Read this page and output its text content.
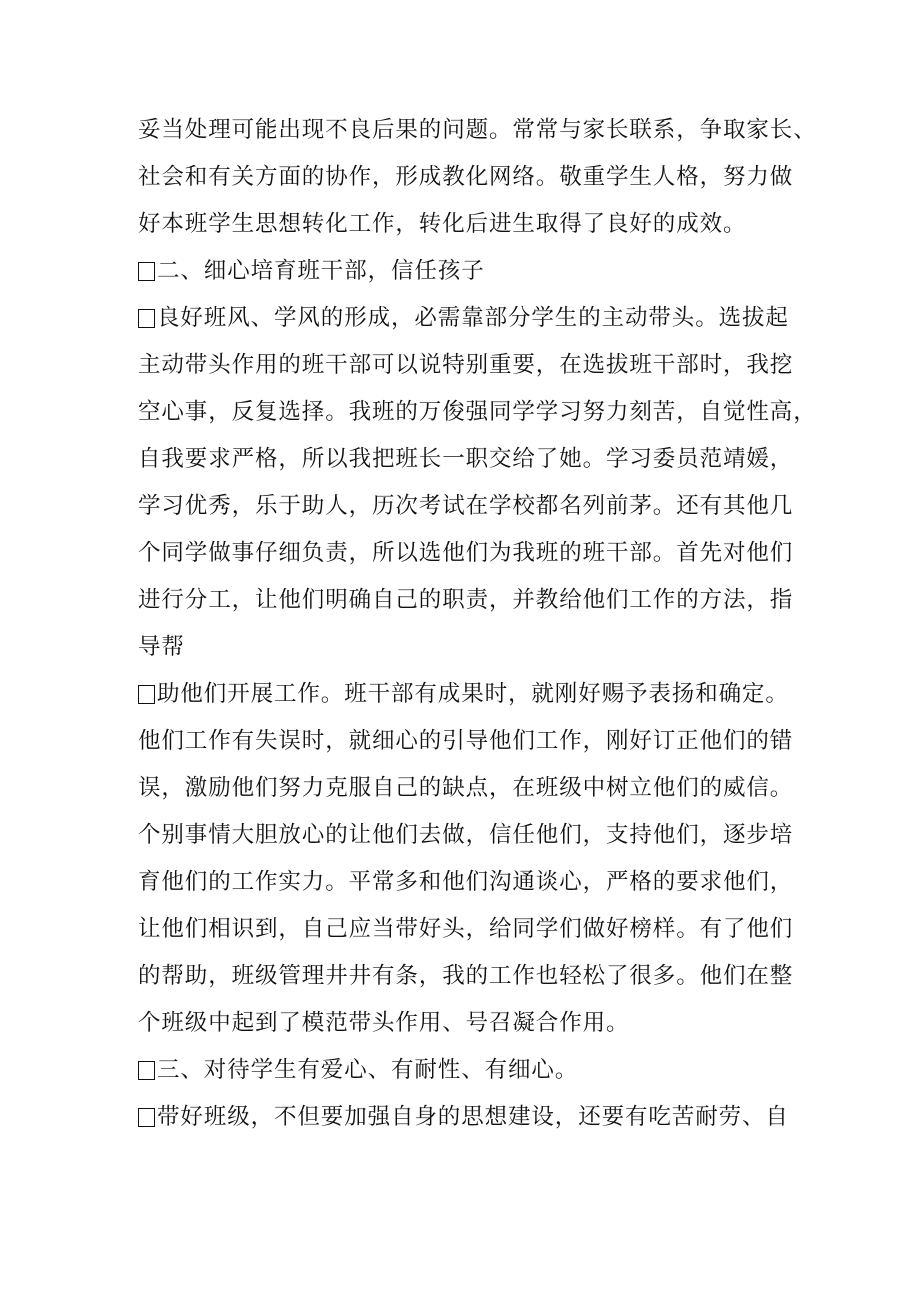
妥当处理可能出现不良后果的问题。常常与家长联系，争取家长、
社会和有关方面的协作，形成教化网络。敬重学生人格，努力做
好本班学生思想转化工作，转化后进生取得了良好的成效。
二、细心培育班干部，信任孩子
良好班风、学风的形成，必需靠部分学生的主动带头。选拔起
主动带头作用的班干部可以说特别重要，在选拔班干部时，我挖
空心事，反复选择。我班的万俊强同学学习努力刻苦，自觉性高，
自我要求严格，所以我把班长一职交给了她。学习委员范靖媛，
学习优秀，乐于助人，历次考试在学校都名列前茅。还有其他几
个同学做事仔细负责，所以选他们为我班的班干部。首先对他们
进行分工，让他们明确自己的职责，并教给他们工作的方法，指
导帮
助他们开展工作。班干部有成果时，就刚好赐予表扬和确定。
他们工作有失误时，就细心的引导他们工作，刚好订正他们的错
误，激励他们努力克服自己的缺点，在班级中树立他们的威信。
个别事情大胆放心的让他们去做，信任他们，支持他们，逐步培
育他们的工作实力。平常多和他们沟通谈心，严格的要求他们，
让他们相识到，自己应当带好头，给同学们做好榜样。有了他们
的帮助，班级管理井井有条，我的工作也轻松了很多。他们在整
个班级中起到了模范带头作用、号召凝合作用。
三、对待学生有爱心、有耐性、有细心。
带好班级，不但要加强自身的思想建设，还要有吃苦耐劳、自
